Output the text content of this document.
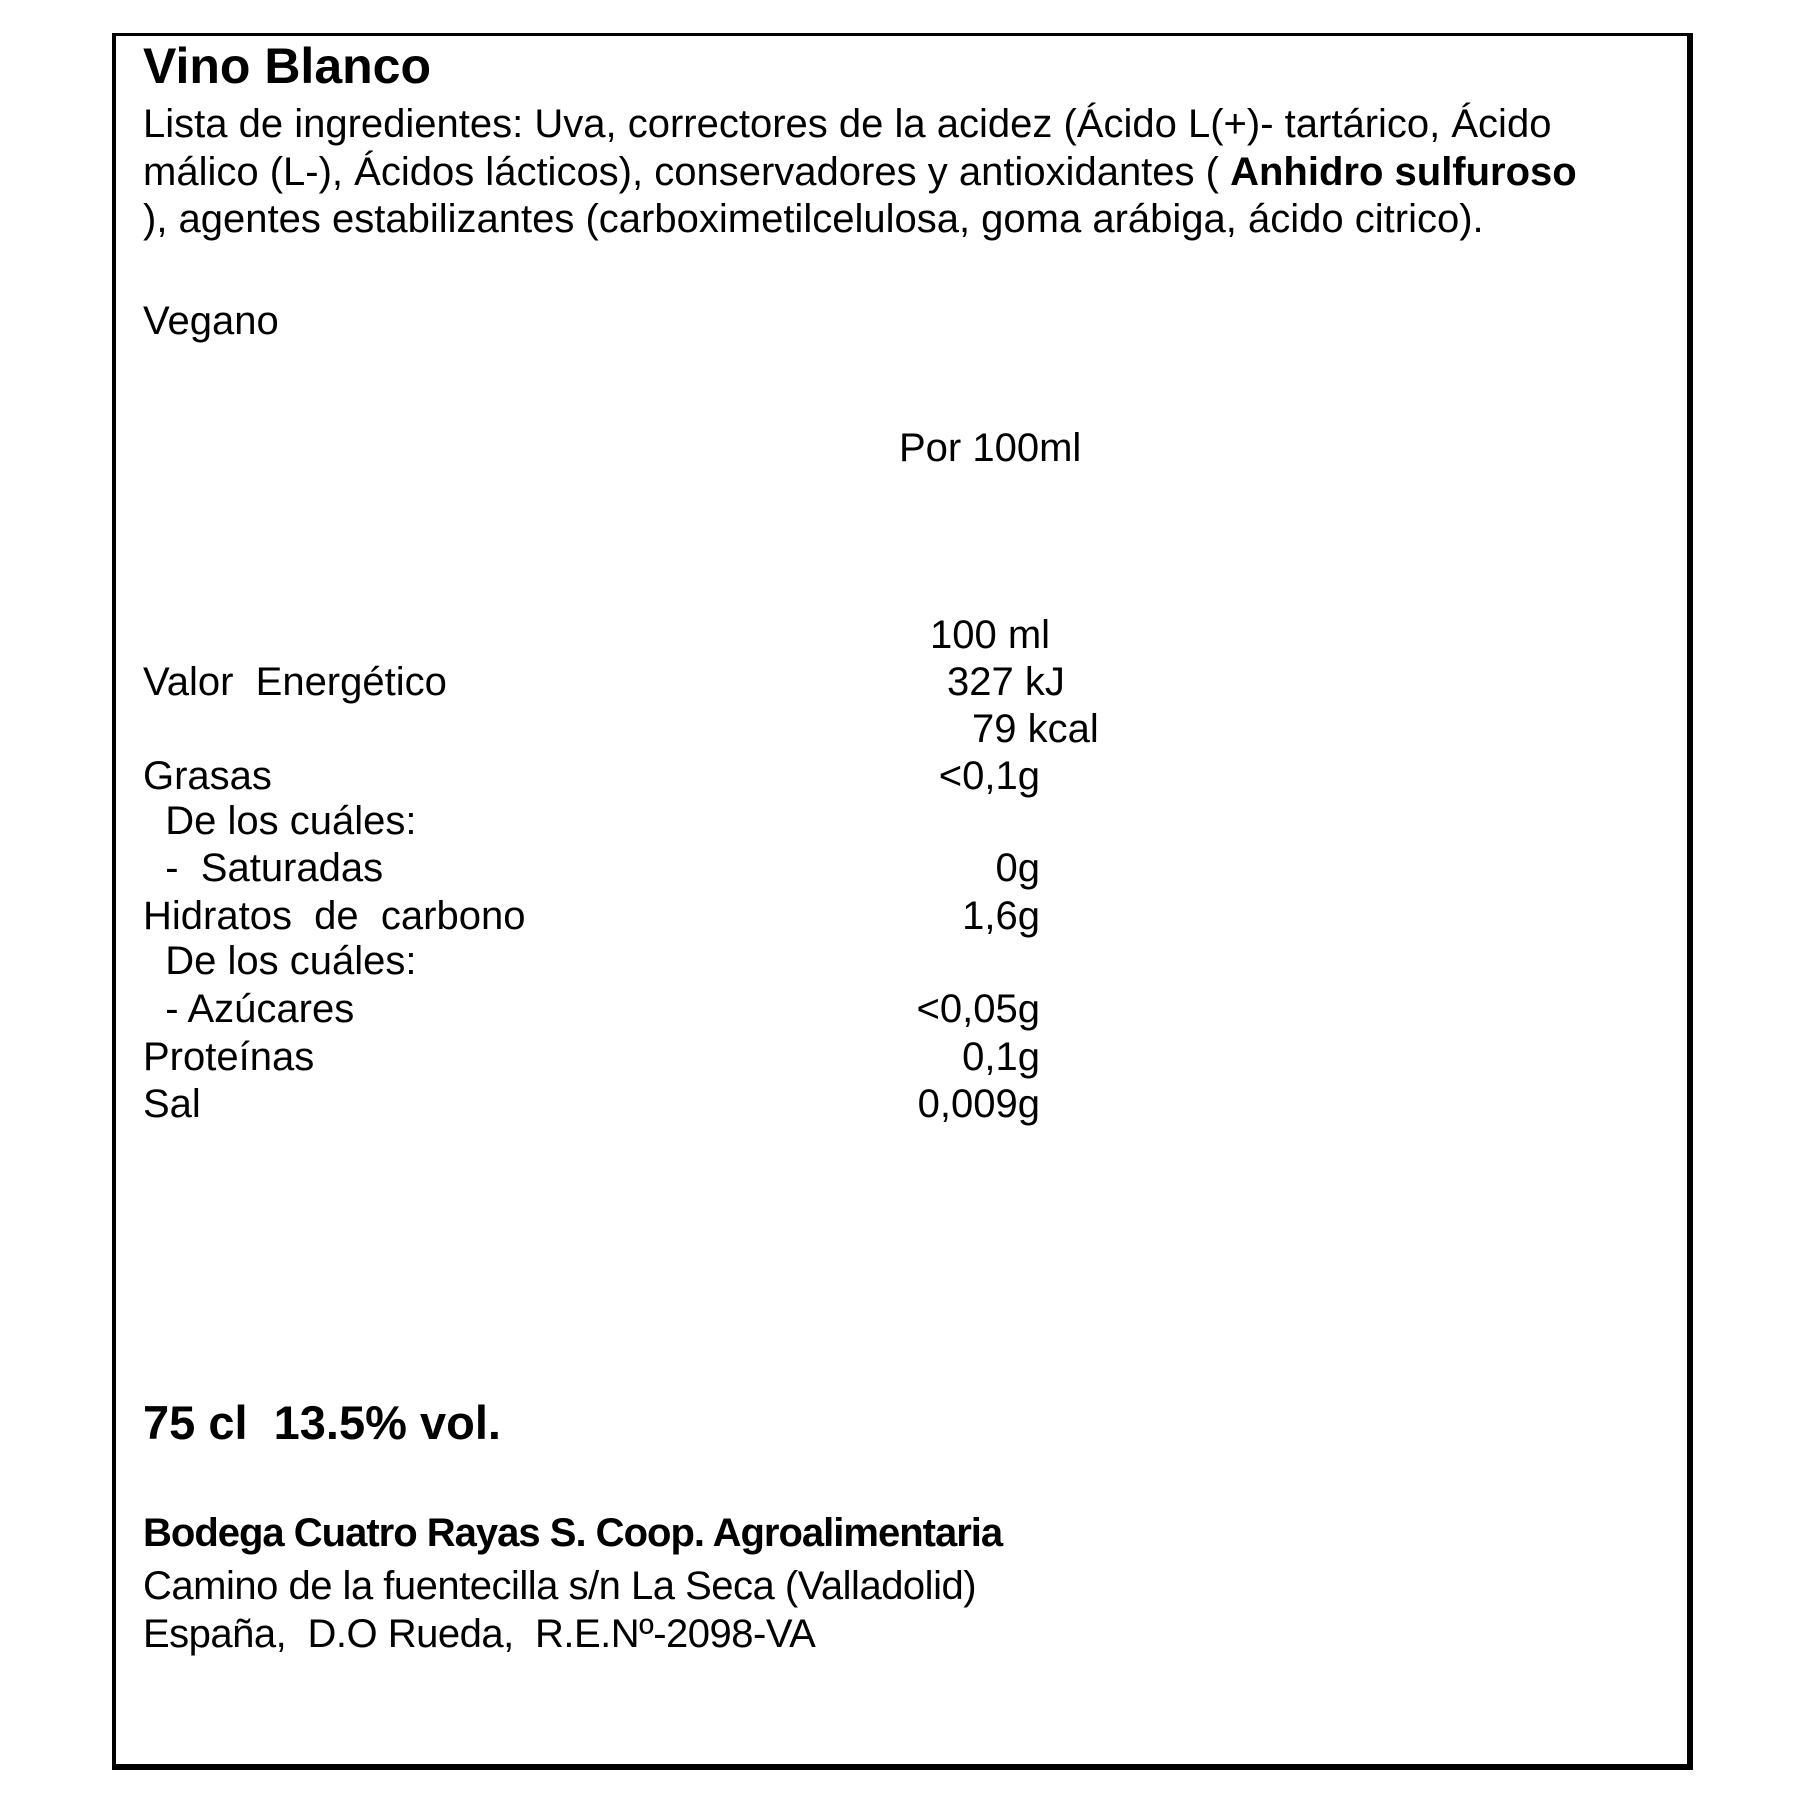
Vino Blanco
Lista de ingredientes: Uva, correctores de la acidez (Ácido L(+)- tartárico, Ácido
málico (L-), Ácidos lácticos), conservadores y antioxidantes ( Anhidro sulfuroso
), agentes estabilizantes (carboximetilcelulosa, goma arábiga, ácido citrico).
Vegano
Por 100ml
100 ml
Valor  Energético	327 kJ
79 kcal
Grasas	<0,1g
De los cuáles:
-  Saturadas	0g
Hidratos  de  carbono	1,6g
De los cuáles:
- Azúcares	<0,05g
Proteínas	0,1g
Sal	0,009g
75 cl  13.5% vol.
Bodega Cuatro Rayas S. Coop. Agroalimentaria
Camino de la fuentecilla s/n La Seca (Valladolid)
España,  D.O Rueda,  R.E.Nº-2098-VA
